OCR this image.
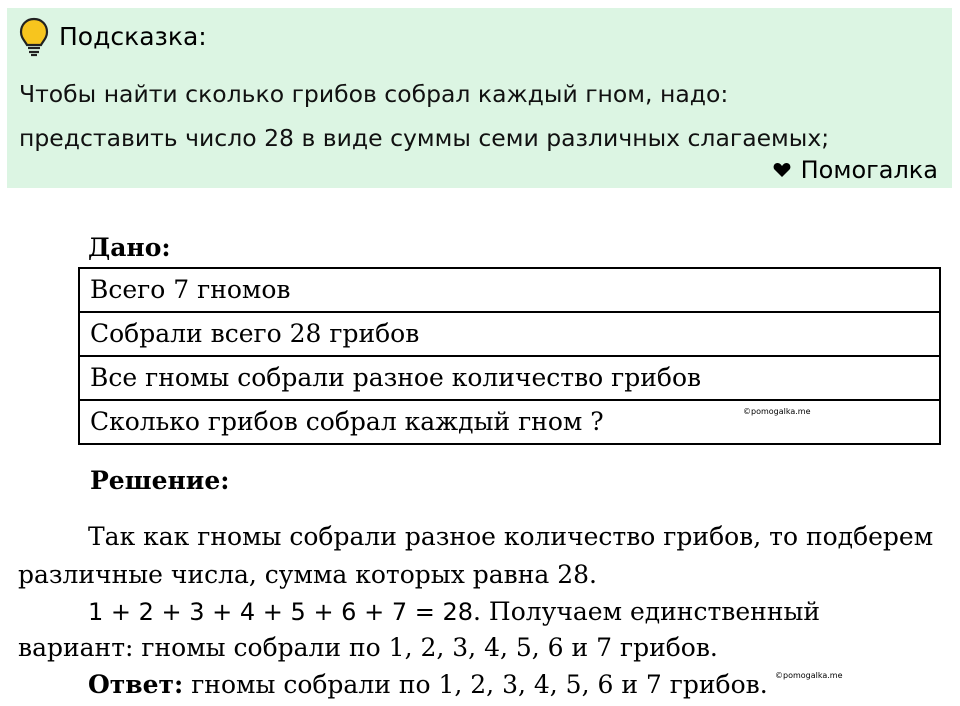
Подсказка:
Чтобы найти сколько грибов собрал каждый гном, надо:
представить число 28 в виде суммы семи различных слагаемых;
Помогалка
Дано:
Всего 7 гномов
Собрали всего 28 грибов
Все гномы собрали разное количество грибов
Сколько грибов собрал каждый гном ?	©pomogalka.me
Решение:
Так как гномы собрали разное количество грибов, то подберем
различные числа, сумма которых равна 28.
1 + 2 + 3 + 4 + 5 + 6 + 7 = 28. Получаем единственный
вариант: гномы собрали по 1, 2, 3, 4, 5, 6 и 7 грибов.
Ответ: гномы собрали по 1, 2, 3, 4, 5, 6 и 7 грибов. ©pomogalka.me
